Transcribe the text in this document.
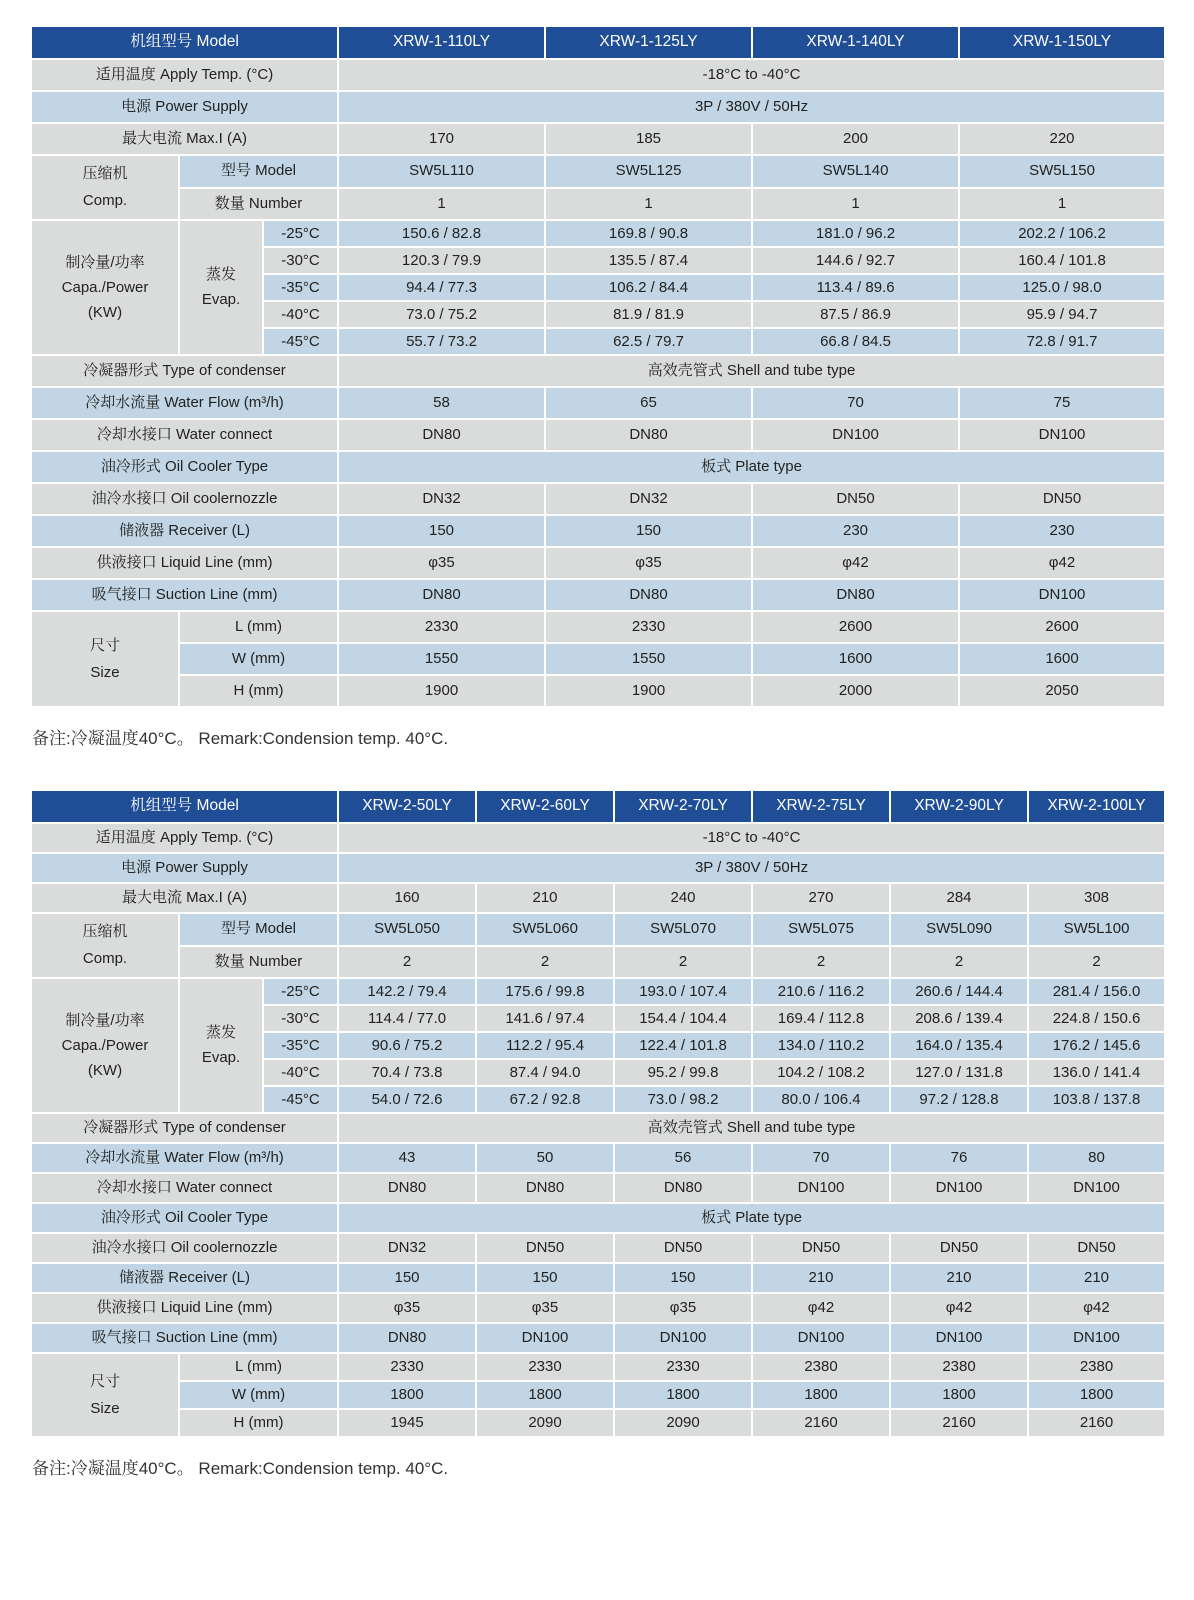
机组型号 Model			XRW-1-110LY	XRW-1-125LY	XRW-1-140LY	XRW-1-150LY
适用温度 Apply Temp. (°C)			-18°C to -40°C			
电源 Power Supply			3P / 380V / 50Hz			
最大电流 Max.I (A)			170	185	200	220

压缩机
Comp.	型号 Model		SW5L110	SW5L125	SW5L140	SW5L150
	数量 Number		1	1	1	1

制冷量/功率
Capa./Power
(KW)

蒸发
Evap.
	-25°C	150.6 / 82.8	169.8 / 90.8	181.0 / 96.2	202.2 / 106.2
		-30°C	120.3 / 79.9	135.5 / 87.4	144.6 / 92.7	160.4 / 101.8
		-35°C	94.4 / 77.3	106.2 / 84.4	113.4 / 89.6	125.0 / 98.0
		-40°C	73.0 / 75.2	81.9 / 81.9	87.5 / 86.9	95.9 / 94.7
		-45°C	55.7 / 73.2	62.5 / 79.7	66.8 / 84.5	72.8 / 91.7
冷凝器形式 Type of condenser			高效壳管式 Shell and tube type			
冷却水流量 Water Flow (m³/h)			58	65	70	75
冷却水接口 Water connect			DN80	DN80	DN100	DN100
油冷形式 Oil Cooler Type			板式 Plate type			
油冷水接口 Oil coolernozzle			DN32	DN32	DN50	DN50
储液器 Receiver (L)			150	150	230	230
供液接口 Liquid Line (mm)			φ35	φ35	φ42	φ42
吸气接口 Suction Line (mm)			DN80	DN80	DN80	DN100

尺寸
Size	L (mm)		2330	2330	2600	2600
	W (mm)		1550	1550	1600	1600
	H (mm)		1900	1900	2000	2050

备注:冷凝温度40°C。 Remark:Condension temp. 40°C.

机组型号 Model			XRW-2-50LY	XRW-2-60LY	XRW-2-70LY	XRW-2-75LY	XRW-2-90LY	XRW-2-100LY
适用温度 Apply Temp. (°C)			-18°C to -40°C					
电源 Power Supply			3P / 380V / 50Hz					
最大电流 Max.I (A)			160	210	240	270	284	308

压缩机
Comp.	型号 Model		SW5L050	SW5L060	SW5L070	SW5L075	SW5L090	SW5L100
	数量 Number		2	2	2	2	2	2

制冷量/功率
Capa./Power
(KW)

蒸发
Evap.
	-25°C	142.2 / 79.4	175.6 / 99.8	193.0 / 107.4	210.6 / 116.2	260.6 / 144.4	281.4 / 156.0
		-30°C	114.4 / 77.0	141.6 / 97.4	154.4 / 104.4	169.4 / 112.8	208.6 / 139.4	224.8 / 150.6
		-35°C	90.6 / 75.2	112.2 / 95.4	122.4 / 101.8	134.0 / 110.2	164.0 / 135.4	176.2 / 145.6
		-40°C	70.4 / 73.8	87.4 / 94.0	95.2 / 99.8	104.2 / 108.2	127.0 / 131.8	136.0 / 141.4
		-45°C	54.0 / 72.6	67.2 / 92.8	73.0 / 98.2	80.0 / 106.4	97.2 / 128.8	103.8 / 137.8
冷凝器形式 Type of condenser			高效壳管式 Shell and tube type					
冷却水流量 Water Flow (m³/h)			43	50	56	70	76	80
冷却水接口 Water connect			DN80	DN80	DN80	DN100	DN100	DN100
油冷形式 Oil Cooler Type			板式 Plate type					
油冷水接口 Oil coolernozzle			DN32	DN50	DN50	DN50	DN50	DN50
储液器 Receiver (L)			150	150	150	210	210	210
供液接口 Liquid Line (mm)			φ35	φ35	φ35	φ42	φ42	φ42
吸气接口 Suction Line (mm)			DN80	DN100	DN100	DN100	DN100	DN100

尺寸
Size	L (mm)		2330	2330	2330	2380	2380	2380
	W (mm)		1800	1800	1800	1800	1800	1800
	H (mm)		1945	2090	2090	2160	2160	2160

备注:冷凝温度40°C。 Remark:Condension temp. 40°C.
